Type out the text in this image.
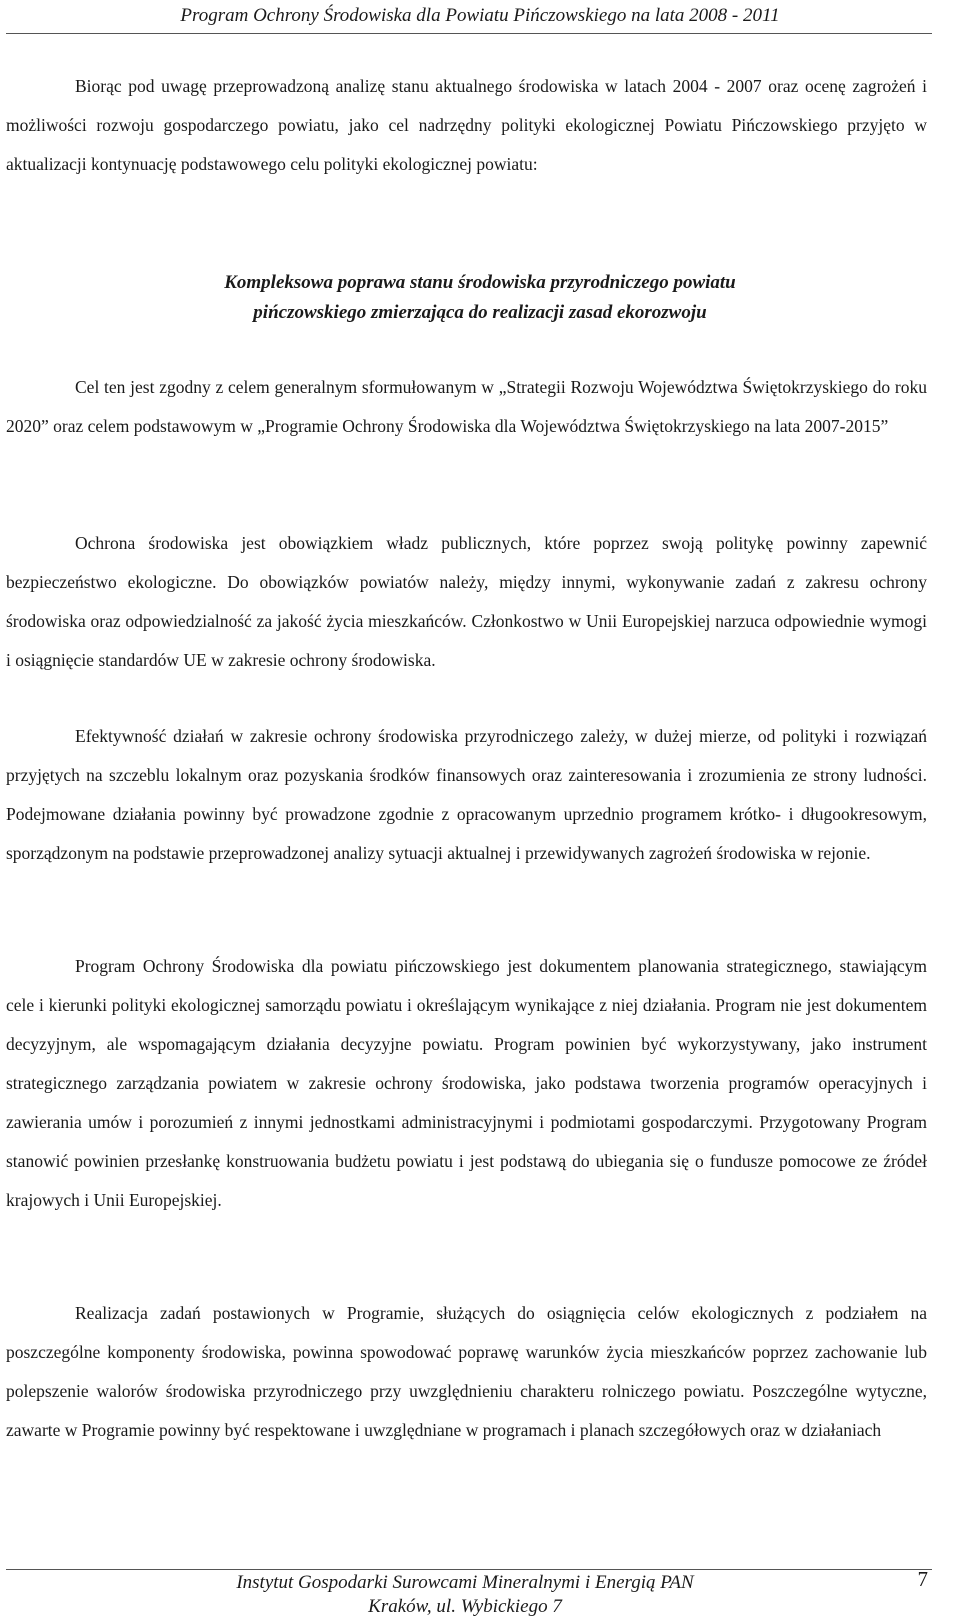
Program Ochrony Środowiska dla Powiatu Pińczowskiego na lata 2008 - 2011

Biorąc pod uwagę przeprowadzoną analizę stanu aktualnego środowiska w latach 2004 - 2007 oraz ocenę zagrożeń i możliwości rozwoju gospodarczego powiatu, jako cel nadrzędny polityki ekologicznej Powiatu Pińczowskiego przyjęto w aktualizacji kontynuację podstawowego celu polityki ekologicznej powiatu:

Kompleksowa poprawa stanu środowiska przyrodniczego powiatu
pińczowskiego zmierzająca do realizacji zasad ekorozwoju

Cel ten jest zgodny z celem generalnym sformułowanym w „Strategii Rozwoju Województwa Świętokrzyskiego do roku 2020” oraz celem podstawowym w „Programie Ochrony Środowiska dla Województwa Świętokrzyskiego na lata 2007-2015”

Ochrona środowiska jest obowiązkiem władz publicznych, które poprzez swoją politykę powinny zapewnić bezpieczeństwo ekologiczne. Do obowiązków powiatów należy, między innymi, wykonywanie zadań z zakresu ochrony środowiska oraz odpowiedzialność za jakość życia mieszkańców. Członkostwo w Unii Europejskiej narzuca odpowiednie wymogi i osiągnięcie standardów UE w zakresie ochrony środowiska.

Efektywność działań w zakresie ochrony środowiska przyrodniczego zależy, w dużej mierze, od polityki i rozwiązań przyjętych na szczeblu lokalnym oraz pozyskania środków finansowych oraz zainteresowania i zrozumienia ze strony ludności. Podejmowane działania powinny być prowadzone zgodnie z opracowanym uprzednio programem krótko- i długookresowym, sporządzonym na podstawie przeprowadzonej analizy sytuacji aktualnej i przewidywanych zagrożeń środowiska w rejonie.

Program Ochrony Środowiska dla powiatu pińczowskiego jest dokumentem planowania strategicznego, stawiającym cele i kierunki polityki ekologicznej samorządu powiatu i określającym wynikające z niej działania. Program nie jest dokumentem decyzyjnym, ale wspomagającym działania decyzyjne powiatu. Program powinien być wykorzystywany, jako instrument strategicznego zarządzania powiatem w zakresie ochrony środowiska, jako podstawa tworzenia programów operacyjnych i zawierania umów i porozumień z innymi jednostkami administracyjnymi i podmiotami gospodarczymi. Przygotowany Program stanowić powinien przesłankę konstruowania budżetu powiatu i jest podstawą do ubiegania się o fundusze pomocowe ze źródeł krajowych i Unii Europejskiej.

Realizacja zadań postawionych w Programie, służących do osiągnięcia celów ekologicznych z podziałem na poszczególne komponenty środowiska, powinna spowodować poprawę warunków życia mieszkańców poprzez zachowanie lub polepszenie walorów środowiska przyrodniczego przy uwzględnieniu charakteru rolniczego powiatu. Poszczególne wytyczne, zawarte w Programie powinny być respektowane i uwzględniane w programach i planach szczegółowych oraz w działaniach

Instytut Gospodarki Surowcami Mineralnymi i Energią PAN
Kraków, ul. Wybickiego 7
7
